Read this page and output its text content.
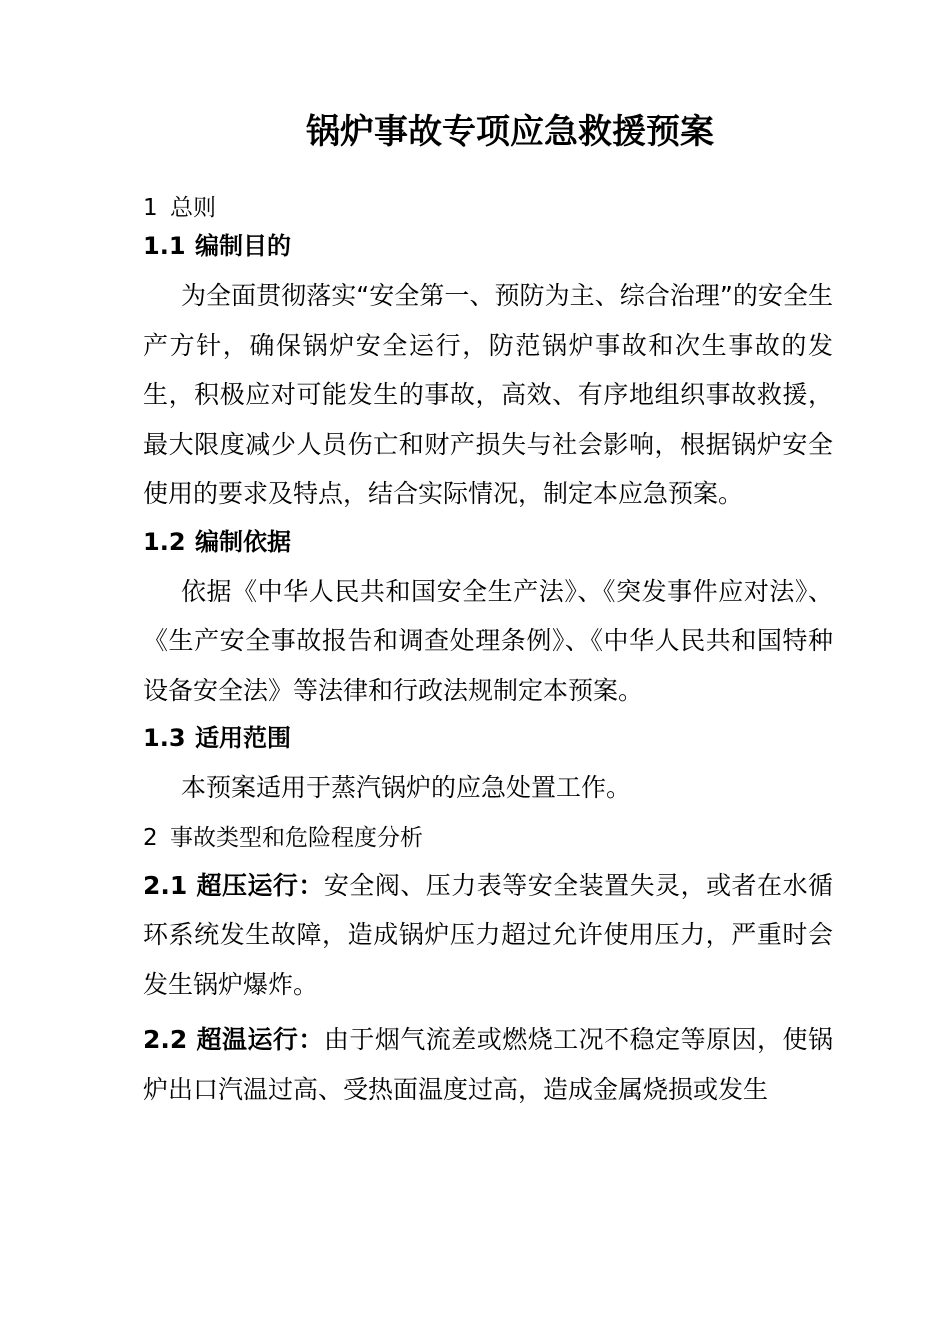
锅炉事故专项应急救援预案
1 总则
1.1 编制目的

为全面贯彻落实“安全第一、预防为主、综合治理”的安全生产方针，确保锅炉安全运行，防范锅炉事故和次生事故的发生，积极应对可能发生的事故，高效、有序地组织事故救援，最大限度减少人员伤亡和财产损失与社会影响，根据锅炉安全使用的要求及特点，结合实际情况，制定本应急预案。

1.2 编制依据

依据《中华人民共和国安全生产法》、《突发事件应对法》、《生产安全事故报告和调查处理条例》、《中华人民共和国特种设备安全法》等法律和行政法规制定本预案。

1.3 适用范围

本预案适用于蒸汽锅炉的应急处置工作。

2 事故类型和危险程度分析

2.1 超压运行：安全阀、压力表等安全装置失灵，或者在水循环系统发生故障，造成锅炉压力超过允许使用压力，严重时会发生锅炉爆炸。

2.2 超温运行：由于烟气流差或燃烧工况不稳定等原因，使锅炉出口汽温过高、受热面温度过高，造成金属烧损或发生
